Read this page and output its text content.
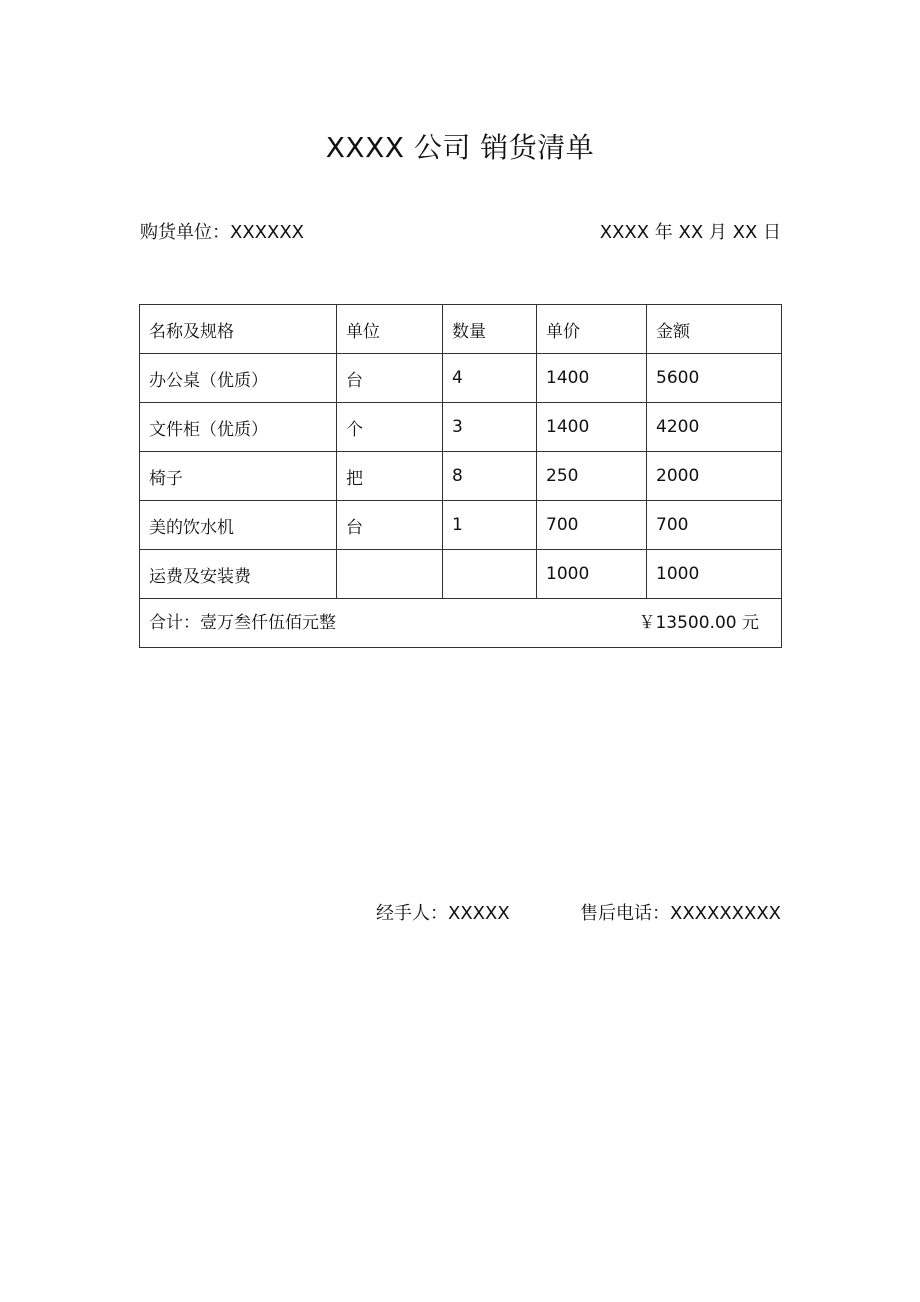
XXXX 公司 销货清单
购货单位：XXXXXX	XXXX 年 XX 月 XX 日
名称及规格	单位	数量	单价	金额
办公桌（优质）	台	4	1400	5600
文件柜（优质）	个	3	1400	4200
椅子	把	8	250	2000
美的饮水机	台	1	700	700
运费及安装费			1000	1000

合计：壹万叁仟伍佰元整 ￥13500.00 元				
经手人：XXXXX	售后电话：XXXXXXXXX
